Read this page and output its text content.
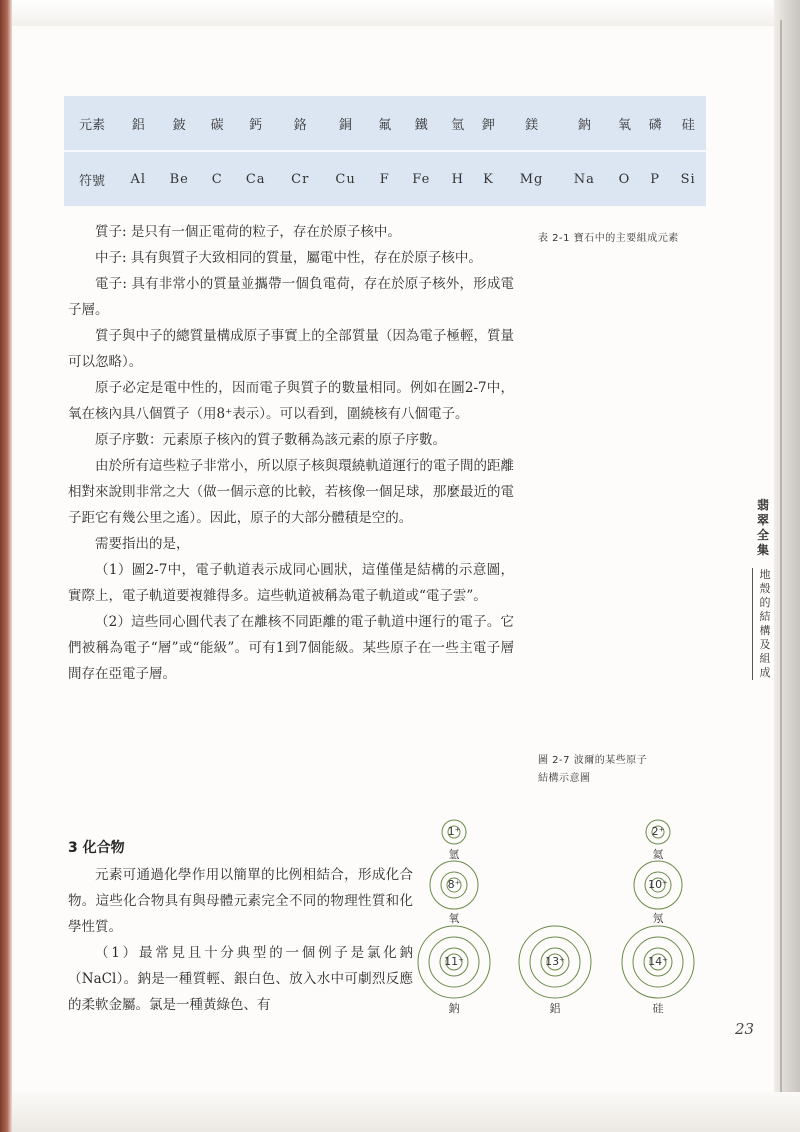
元素	鋁	鈹	碳	鈣	鉻	銅	氟	鐵	氫	鉀	鎂	鈉	氧	磷	硅
符號	Al	Be	C	Ca	Cr	Cu	F	Fe	H	K	Mg	Na	O	P	Si
表 2-1 寶石中的主要組成元素

質子: 是只有一個正電荷的粒子，存在於原子核中。

中子: 具有與質子大致相同的質量，屬電中性，存在於原子核中。

電子: 具有非常小的質量並攜帶一個負電荷，存在於原子核外，形成電子層。

質子與中子的總質量構成原子事實上的全部質量（因為電子極輕，質量可以忽略）。

原子必定是電中性的，因而電子與質子的數量相同。例如在圖2-7中，氧在核內具八個質子（用8⁺表示）。可以看到，圍繞核有八個電子。

原子序數：元素原子核內的質子數稱為該元素的原子序數。

由於所有這些粒子非常小，所以原子核與環繞軌道運行的電子間的距離相對來說則非常之大（做一個示意的比較，若核像一個足球，那麼最近的電子距它有幾公里之遙）。因此，原子的大部分體積是空的。

需要指出的是，

（1）圖2-7中，電子軌道表示成同心圓狀，這僅僅是結構的示意圖，實際上，電子軌道要複雜得多。這些軌道被稱為電子軌道或“電子雲”。

（2）這些同心圓代表了在離核不同距離的電子軌道中運行的電子。它們被稱為電子“層”或“能級”。可有1到7個能級。某些原子在一些主電子層間存在亞電子層。

翡翠全集
地殼的結構及組成
圖 2-7 波爾的某些原子
結構示意圖
3 化合物

元素可通過化學作用以簡單的比例相結合，形成化合物。這些化合物具有與母體元素完全不同的物理性質和化學性質。

（1）最常見且十分典型的一個例子是氯化鈉（NaCl）。鈉是一種質輕、銀白色、放入水中可劇烈反應的柔軟金屬。氯是一種黃綠色、有

1⁺	2⁺
8⁺	10⁺
11⁺	13⁺	14⁺
氫	氦
氧	氖
鈉	鋁	硅
23
